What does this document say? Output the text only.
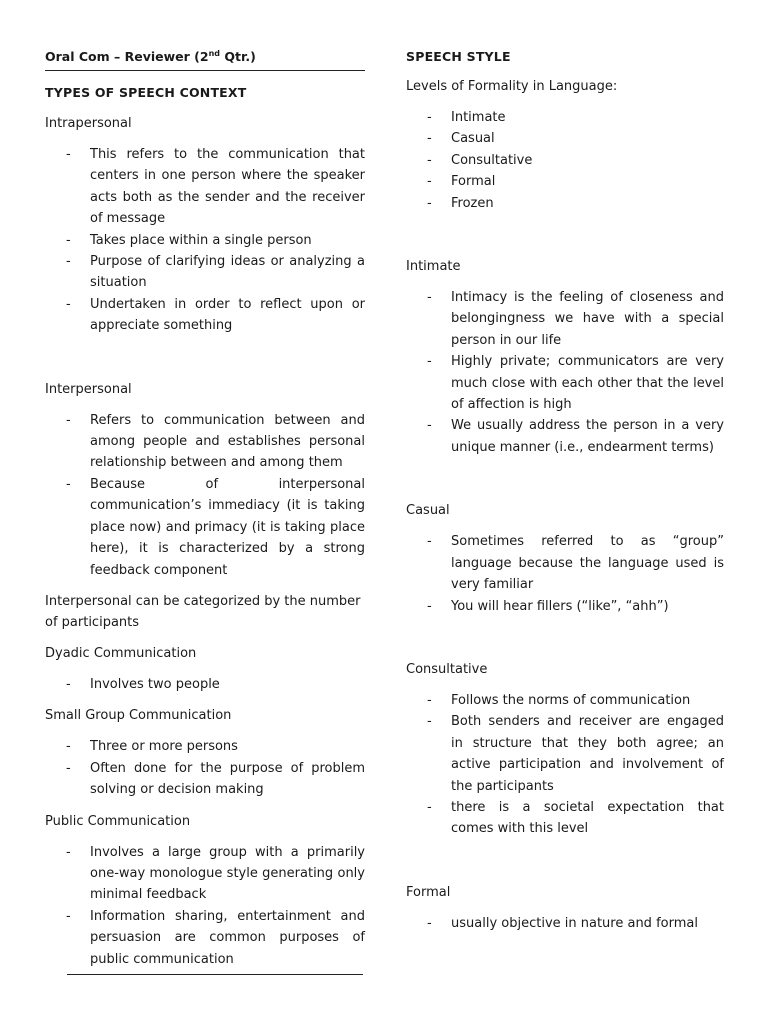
Oral Com – Reviewer (2nd Qtr.)
TYPES OF SPEECH CONTEXT

Intrapersonal

- This refers to the communication that centers in one person where the speaker acts both as the sender and the receiver of message
- Takes place within a single person
- Purpose of clarifying ideas or analyzing a situation
- Undertaken in order to reflect upon or appreciate something

Interpersonal

- Refers to communication between and among people and establishes personal relationship between and among them
- Because of interpersonal communication’s immediacy (it is taking place now) and primacy (it is taking place here), it is characterized by a strong feedback component

Interpersonal can be categorized by the number of participants

Dyadic Communication

- Involves two people

Small Group Communication

- Three or more persons
- Often done for the purpose of problem solving or decision making

Public Communication

- Involves a large group with a primarily one-way monologue style generating only minimal feedback
- Information sharing, entertainment and persuasion are common purposes of public communication
SPEECH STYLE

Levels of Formality in Language:

- Intimate
- Casual
- Consultative
- Formal
- Frozen

Intimate

- Intimacy is the feeling of closeness and belongingness we have with a special person in our life
- Highly private; communicators are very much close with each other that the level of affection is high
- We usually address the person in a very unique manner (i.e., endearment terms)

Casual

- Sometimes referred to as “group” language because the language used is very familiar
- You will hear fillers (“like”, “ahh”)

Consultative

- Follows the norms of communication
- Both senders and receiver are engaged in structure that they both agree; an active participation and involvement of the participants
- there is a societal expectation that comes with this level

Formal

- usually objective in nature and formal
